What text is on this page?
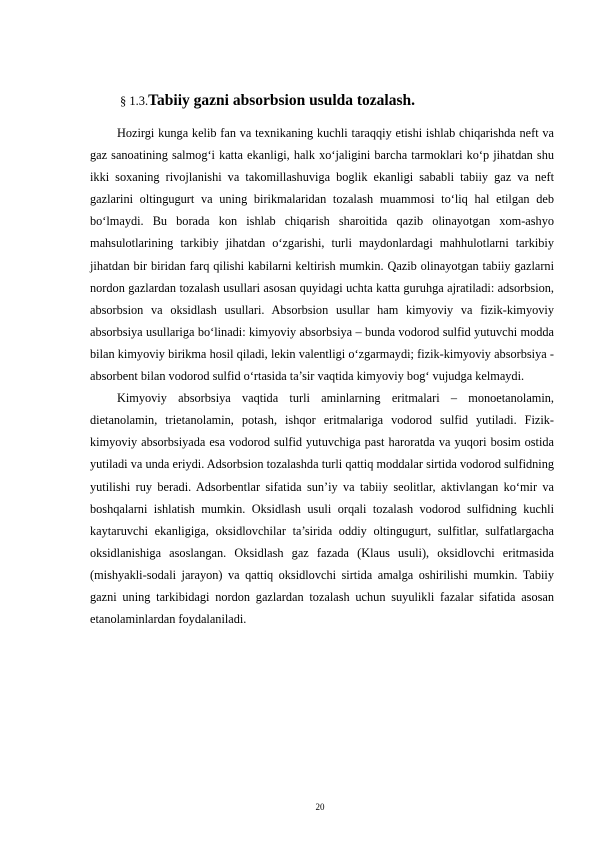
§ 1.3.Tabiiy gazni absorbsion usulda tozalash.

Hozirgi kunga kelib fan va texnikaning kuchli taraqqiy etishi ishlab chiqarishda neft va gaz sanoatining salmog‘i katta ekanligi, halk xo‘jaligini barcha tarmoklari ko‘p jihatdan shu ikki soxaning rivojlanishi va takomillashuviga boglik ekanligi sababli tabiiy gaz va neft gazlarini oltingugurt va uning birikmalaridan tozalash muammosi to‘liq hal etilgan deb bo‘lmaydi. Bu borada kon ishlab chiqarish sharoitida qazib olinayotgan xom-ashyo mahsulotlarining tarkibiy jihatdan o‘zgarishi, turli maydonlardagi mahhulotlarni tarkibiy jihatdan bir biridan farq qilishi kabilarni keltirish mumkin. Qazib olinayotgan tabiiy gazlarni nordon gazlardan tozalash usullari asosan quyidagi uchta katta guruhga ajratiladi: adsorbsion, absorbsion va oksidlash usullari. Absorbsion usullar ham kimyoviy va fizik-kimyoviy absorbsiya usullariga bo‘linadi: kimyoviy absorbsiya – bunda vodorod sulfid yutuvchi modda bilan kimyoviy birikma hosil qiladi, lekin valentligi o‘zgarmaydi; fizik-kimyoviy absorbsiya - absorbent bilan vodorod sulfid o‘rtasida ta’sir vaqtida kimyoviy bog‘ vujudga kelmaydi.

Kimyoviy absorbsiya vaqtida turli aminlarning eritmalari – monoetanolamin, dietanolamin, trietanolamin, potash, ishqor eritmalariga vodorod sulfid yutiladi. Fizik-kimyoviy absorbsiyada esa vodorod sulfid yutuvchiga past haroratda va yuqori bosim ostida yutiladi va unda eriydi. Adsorbsion tozalashda turli qattiq moddalar sirtida vodorod sulfidning yutilishi ruy beradi. Adsorbentlar sifatida sun’iy va tabiiy seolitlar, aktivlangan ko‘mir va boshqalarni ishlatish mumkin. Oksidlash usuli orqali tozalash vodorod sulfidning kuchli kaytaruvchi ekanligiga, oksidlovchilar ta’sirida oddiy oltingugurt, sulfitlar, sulfatlargacha oksidlanishiga asoslangan. Oksidlash gaz fazada (Klaus usuli), oksidlovchi eritmasida (mishyakli-sodali jarayon) va qattiq oksidlovchi sirtida amalga oshirilishi mumkin. Tabiiy gazni uning tarkibidagi nordon gazlardan tozalash uchun suyulikli fazalar sifatida asosan etanolaminlardan foydalaniladi.

20
